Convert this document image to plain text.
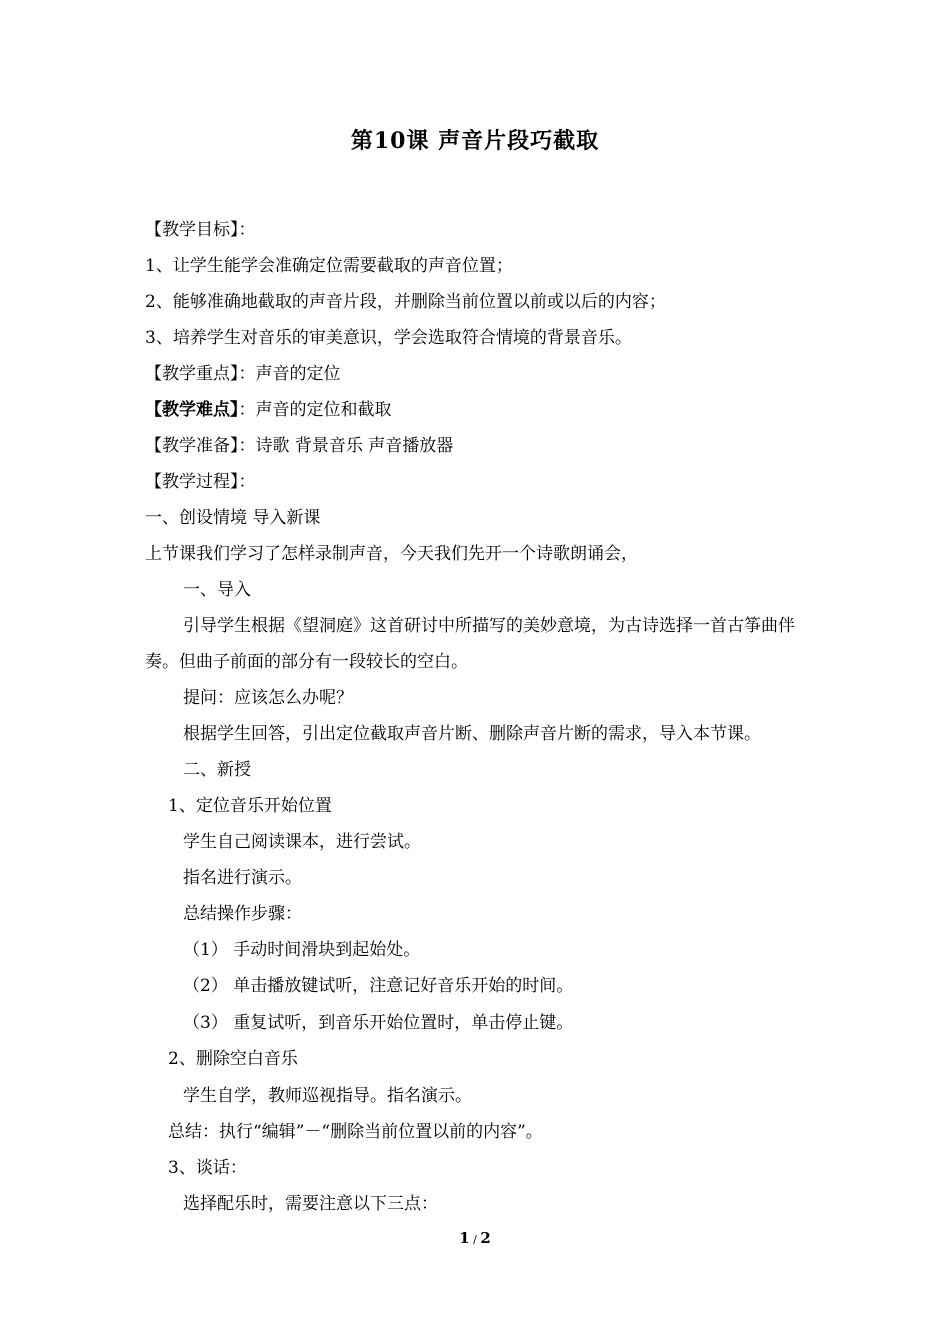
第10课 声音片段巧截取
【教学目标】：
1、让学生能学会准确定位需要截取的声音位置；
2、能够准确地截取的声音片段，并删除当前位置以前或以后的内容；
3、培养学生对音乐的审美意识，学会选取符合情境的背景音乐。
【教学重点】：声音的定位
【教学难点】：声音的定位和截取
【教学准备】：诗歌 背景音乐 声音播放器
【教学过程】：
一、创设情境 导入新课
上节课我们学习了怎样录制声音，今天我们先开一个诗歌朗诵会，
一、导入
引导学生根据《望洞庭》这首研讨中所描写的美妙意境，为古诗选择一首古筝曲伴奏。但曲子前面的部分有一段较长的空白。
提问：应该怎么办呢？
根据学生回答，引出定位截取声音片断、删除声音片断的需求，导入本节课。
二、新授
1、定位音乐开始位置
学生自己阅读课本，进行尝试。
指名进行演示。
总结操作步骤：
（1） 手动时间滑块到起始处。
（2） 单击播放键试听，注意记好音乐开始的时间。
（3） 重复试听，到音乐开始位置时，单击停止键。
2、删除空白音乐
学生自学，教师巡视指导。指名演示。
总结：执行“编辑”－“删除当前位置以前的内容”。
3、谈话：
选择配乐时，需要注意以下三点：
1 / 2
